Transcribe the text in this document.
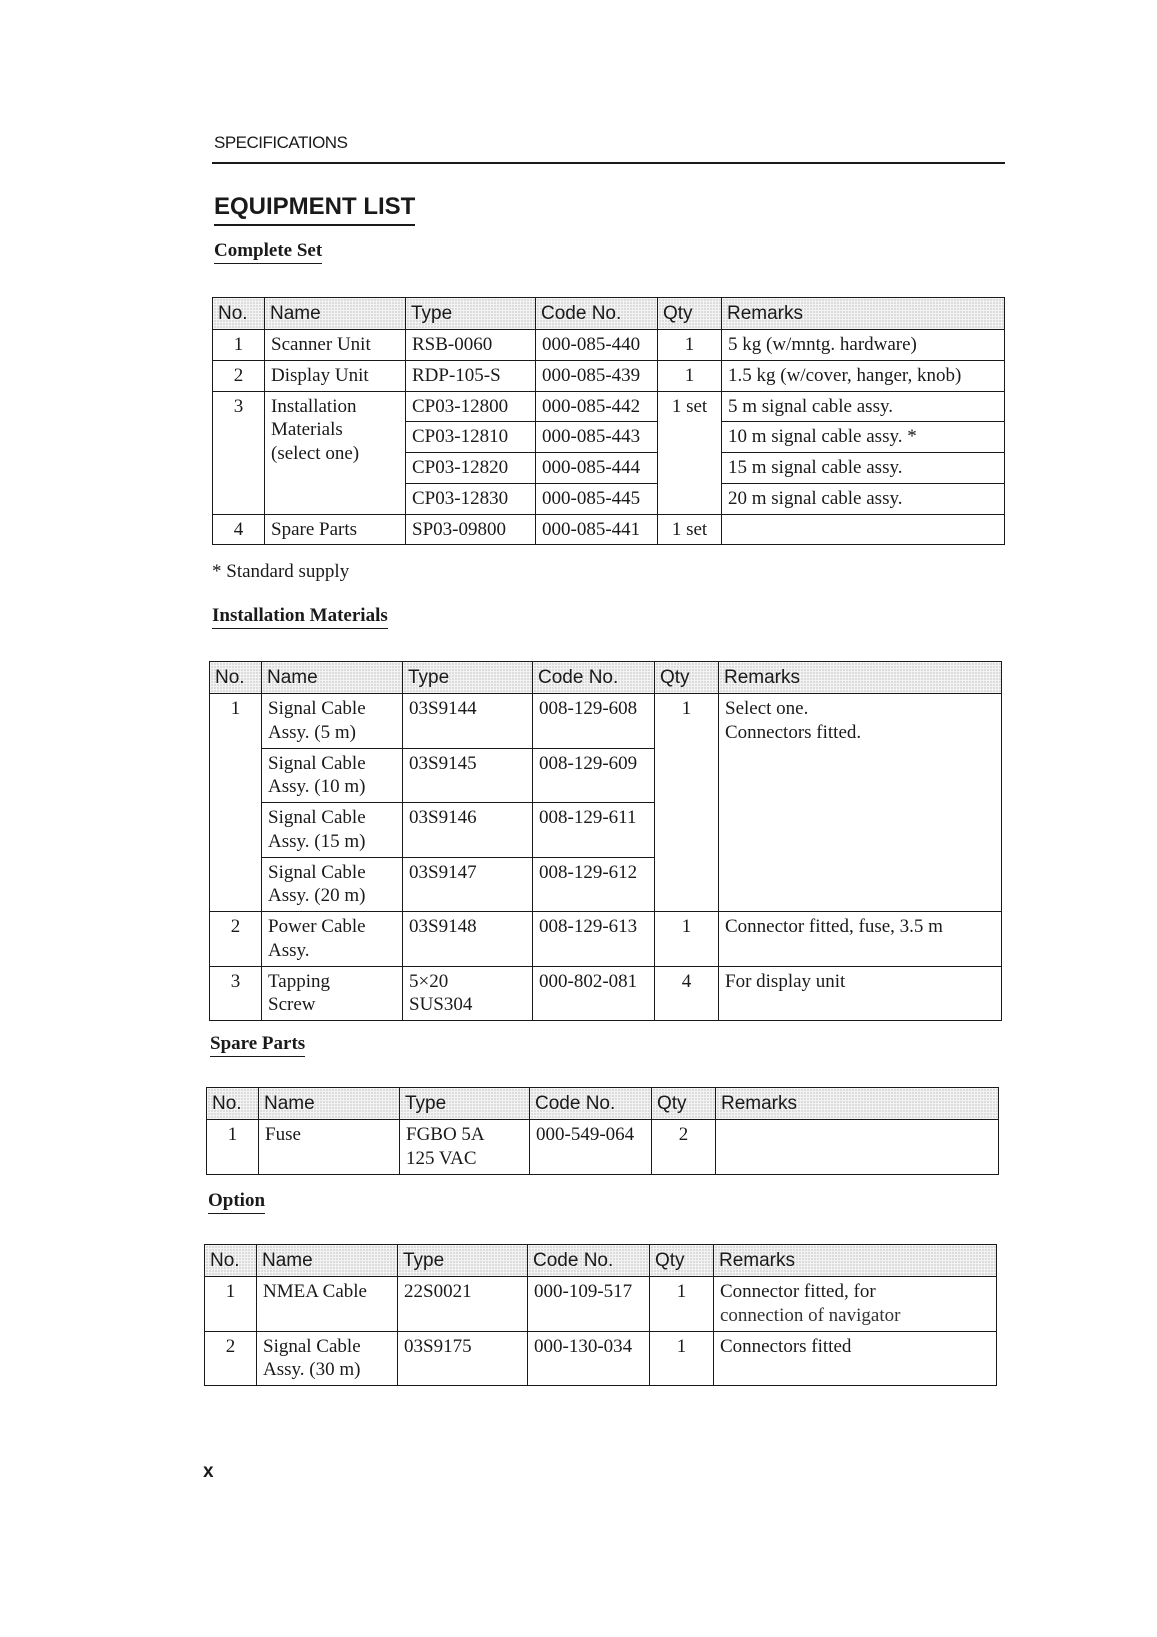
SPECIFICATIONS
EQUIPMENT LIST
Complete Set
No.	Name	Type	Code No.	Qty	Remarks
1	Scanner Unit	RSB-0060	000-085-440	1	5 kg (w/mntg. hardware)
2	Display Unit	RDP-105-S	000-085-439	1	1.5 kg (w/cover, hanger, knob)
3	Installation
Materials
(select one)	CP03-12800	000-085-442	1 set	5 m signal cable assy.
		CP03-12810	000-085-443		10 m signal cable assy. *
		CP03-12820	000-085-444		15 m signal cable assy.
		CP03-12830	000-085-445		20 m signal cable assy.
4	Spare Parts	SP03-09800	000-085-441	1 set	
* Standard supply
Installation Materials
No.	Name	Type	Code No.	Qty	Remarks
1	Signal Cable
Assy. (5 m)	03S9144	008-129-608	1	Select one.
Connectors fitted.

	Signal Cable
Assy. (10 m)	03S9145	008-129-609		

	Signal Cable
Assy. (15 m)	03S9146	008-129-611		

	Signal Cable
Assy. (20 m)	03S9147	008-129-612		
2	Power Cable
Assy.	03S9148	008-129-613	1	Connector fitted, fuse, 3.5 m
3	Tapping
Screw	5×20
SUS304	000-802-081	4	For display unit
Spare Parts
No.	Name	Type	Code No.	Qty	Remarks
1	Fuse	FGBO 5A
125 VAC	000-549-064	2	
Option
No.	Name	Type	Code No.	Qty	Remarks
1	NMEA Cable	22S0021	000-109-517	1	Connector fitted, for
connection of navigator

2	Signal Cable
Assy. (30 m)	03S9175	000-130-034	1	Connectors fitted
x
